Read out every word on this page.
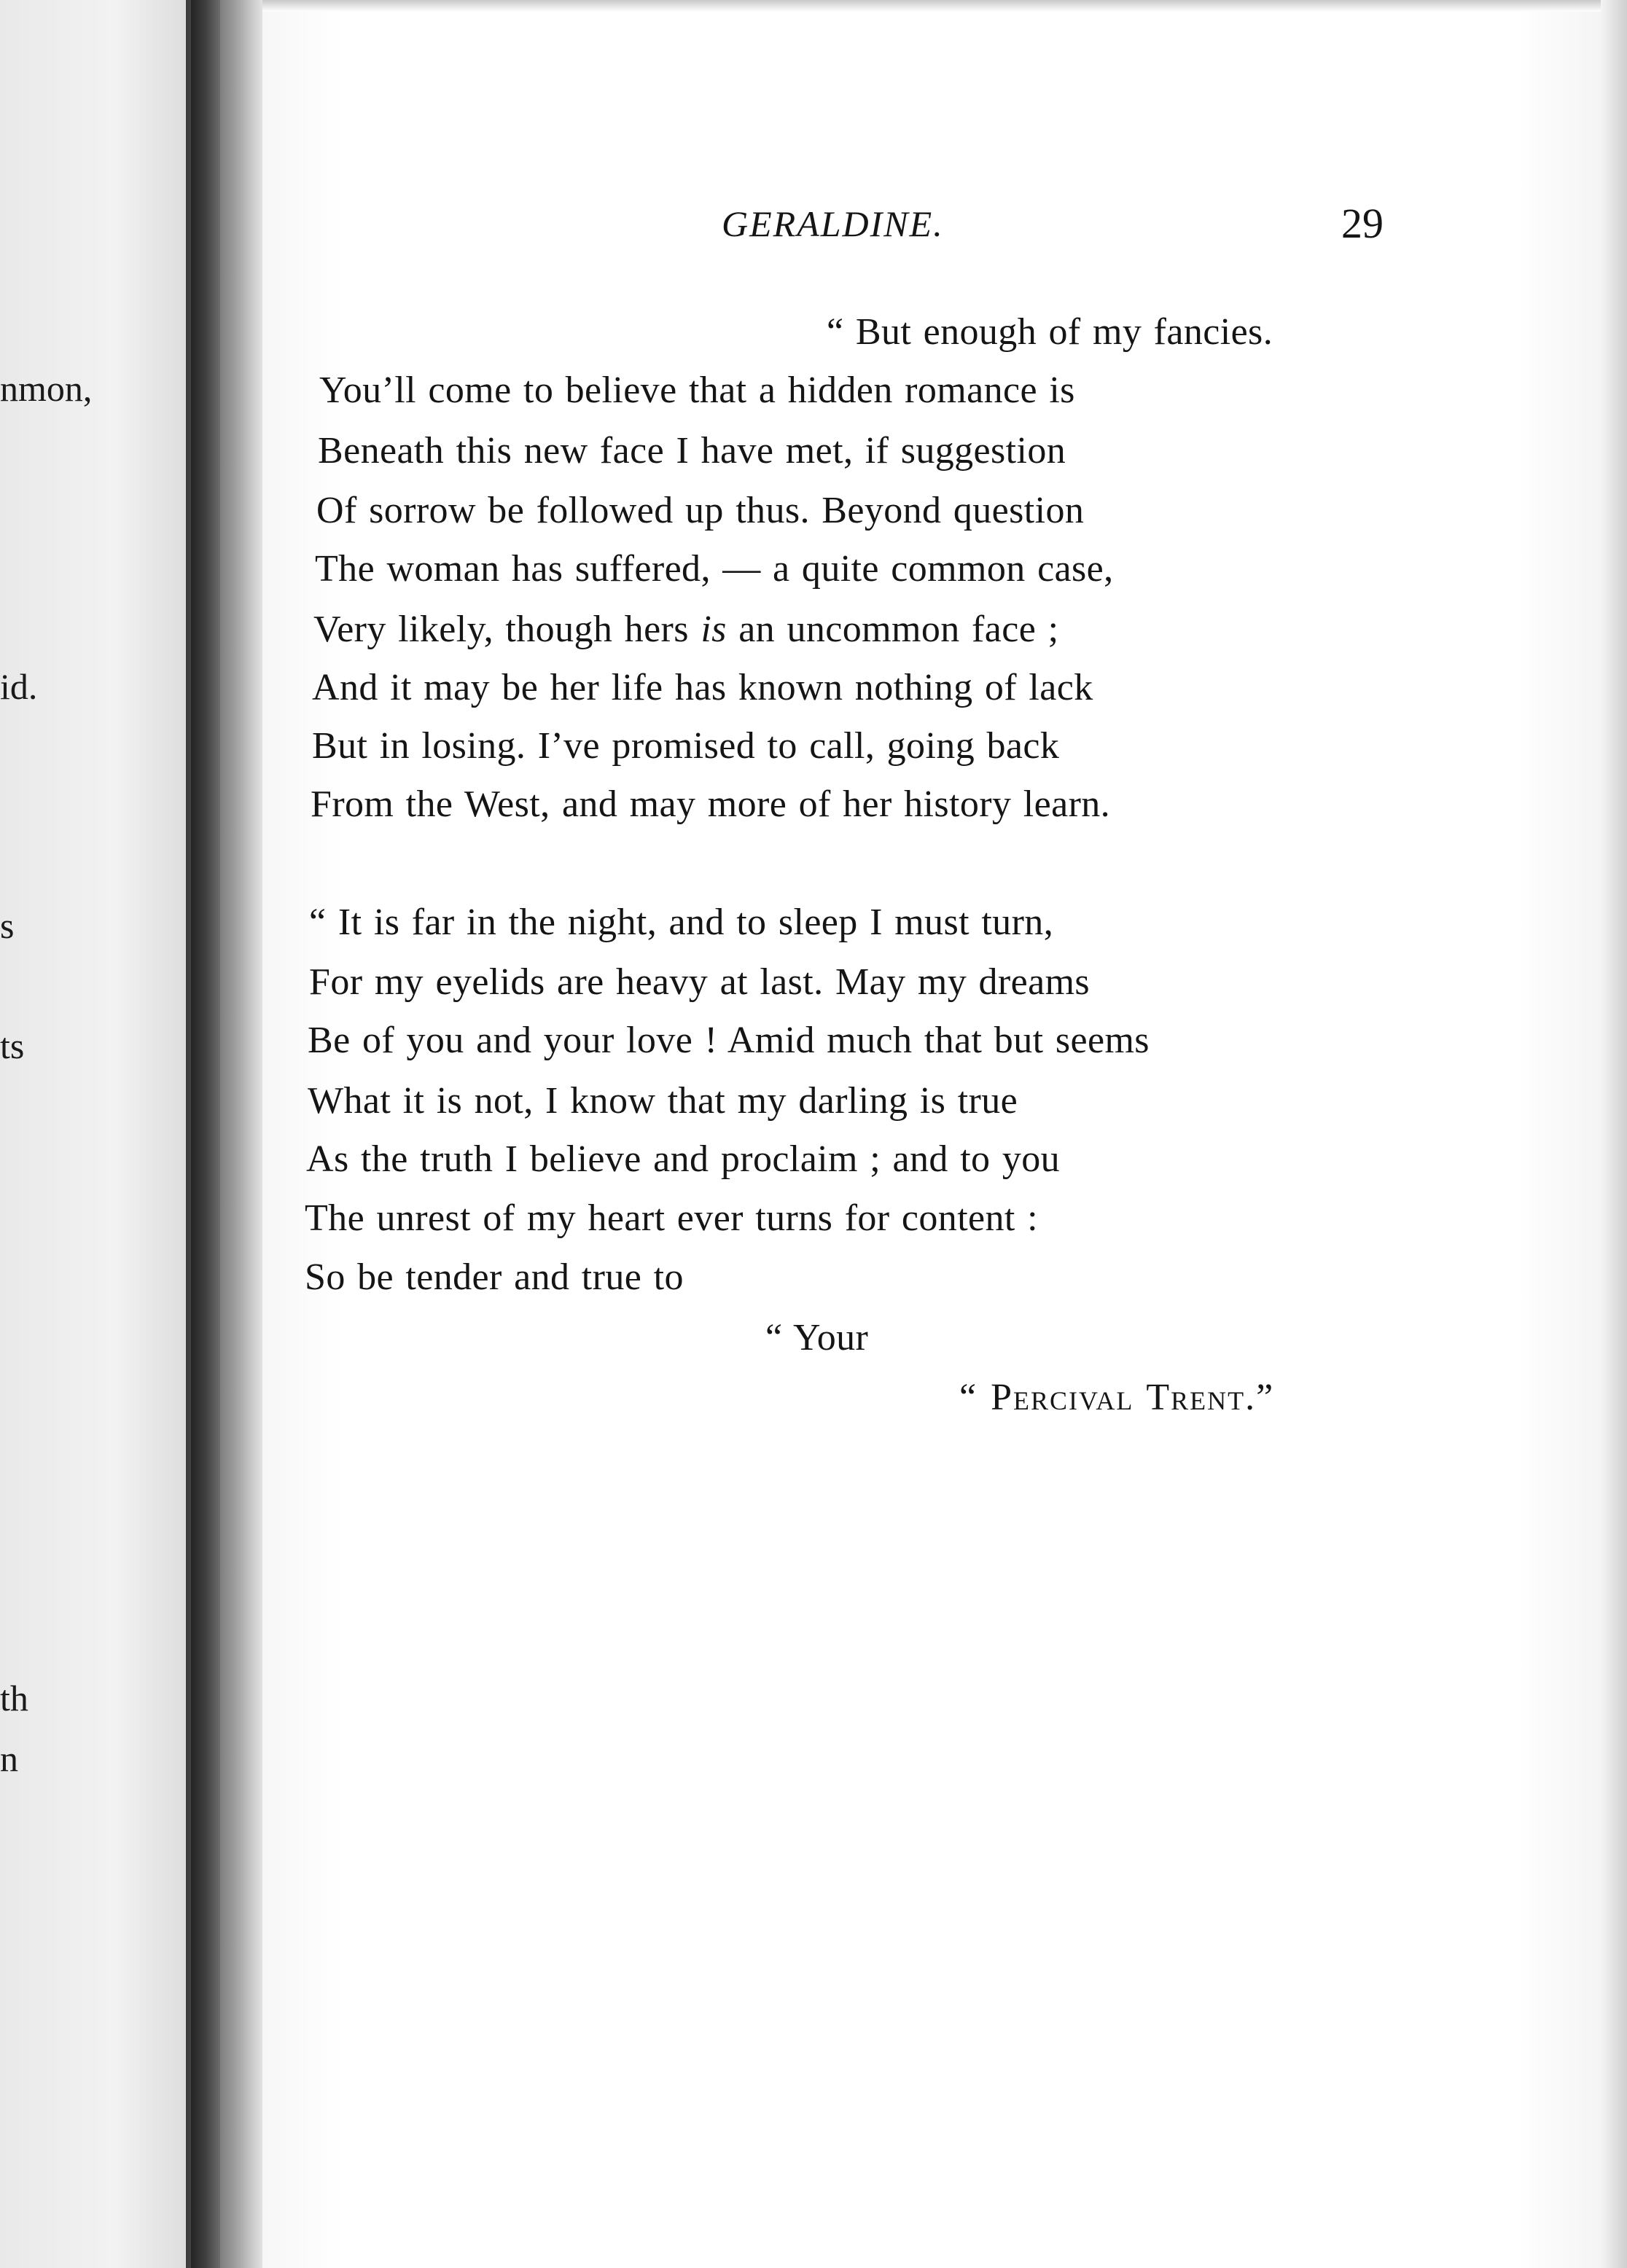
nmon,
id.
s
ts
th
n
GERALDINE.	29
“ But enough of my fancies.
You’ll come to believe that a hidden romance is
Beneath this new face I have met, if suggestion
Of sorrow be followed up thus. Beyond question
The woman has suffered, — a quite common case,
Very likely, though hers is an uncommon face ;
And it may be her life has known nothing of lack
But in losing. I’ve promised to call, going back
From the West, and may more of her history learn.
“ It is far in the night, and to sleep I must turn,
For my eyelids are heavy at last. May my dreams
Be of you and your love ! Amid much that but seems
What it is not, I know that my darling is true
As the truth I believe and proclaim ; and to you
The unrest of my heart ever turns for content :
So be tender and true to
“ Your
“ Percival Trent.”
